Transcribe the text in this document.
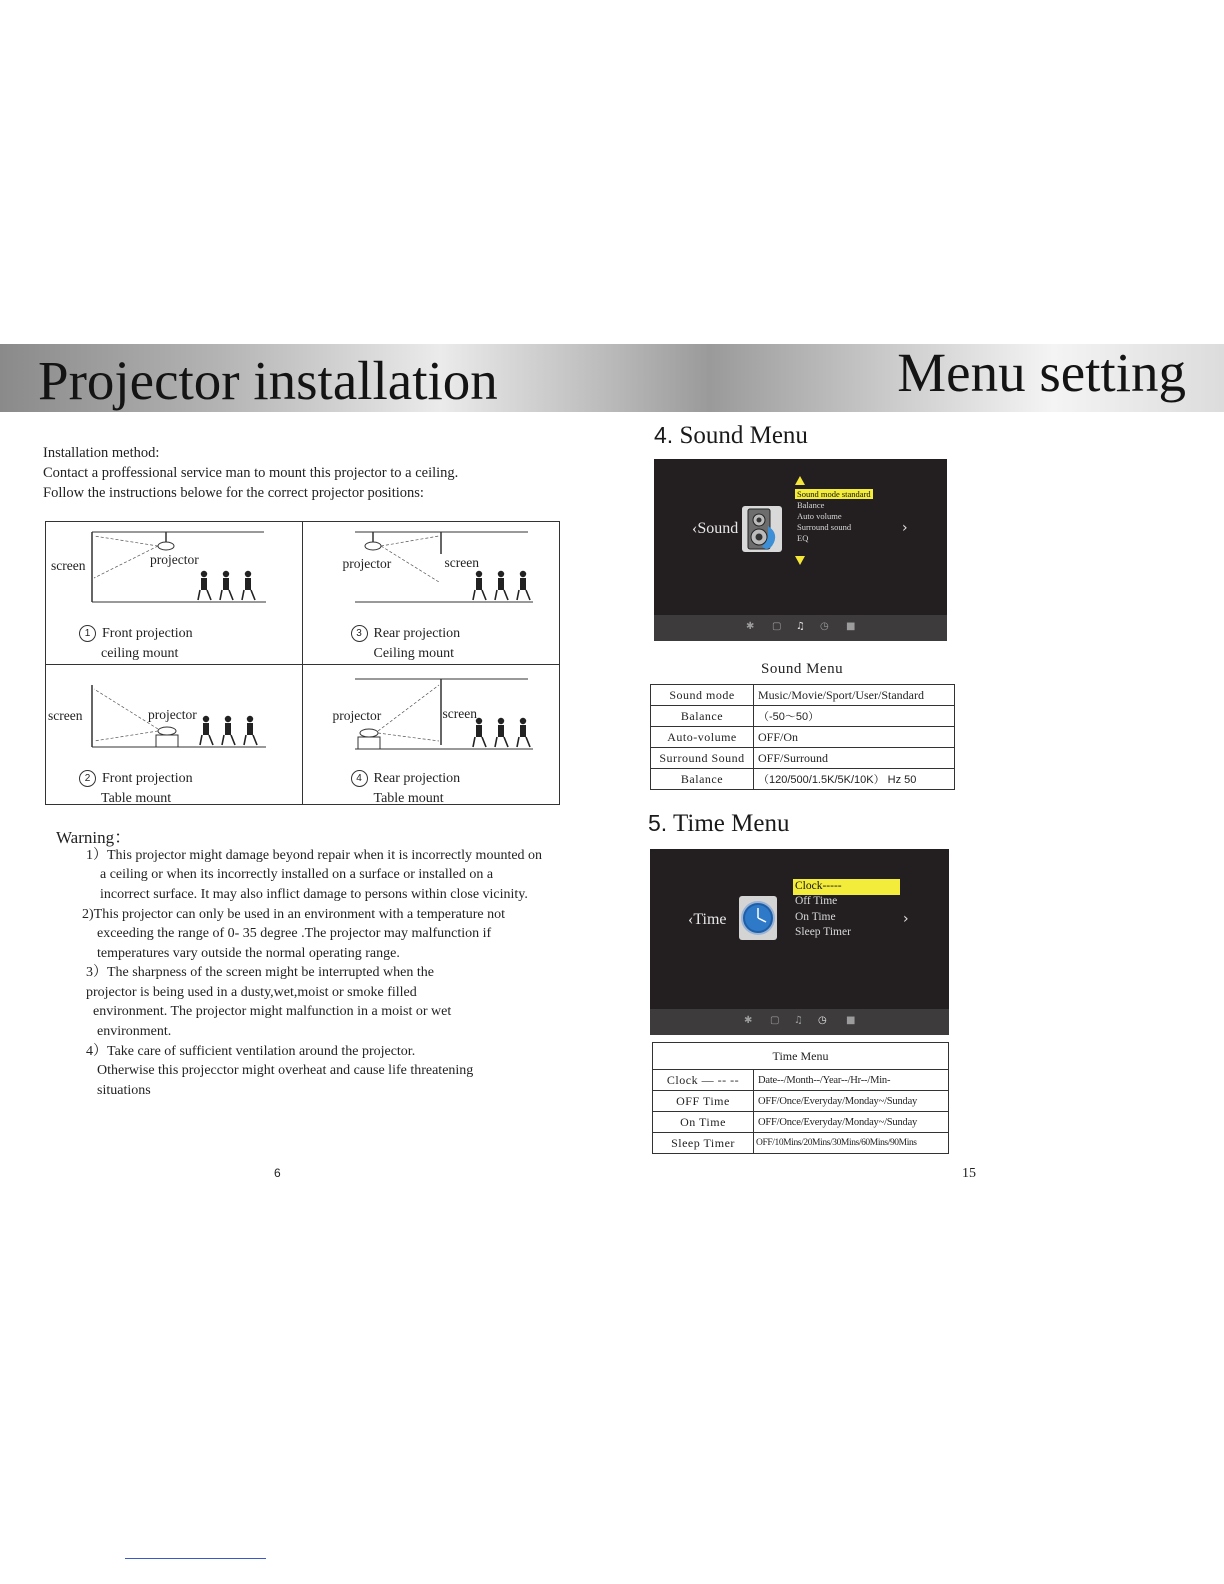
Projector installation	Menu setting
Installation method:
Contact a proffessional service man to mount this projector to a ceiling.
Follow the instructions belowe for the correct projector positions:
screen	projector
1 Front projection
ceiling mount
projector	screen
3 Rear projection
Ceiling mount
screen	projector
2 Front projection
Table mount
projector	screen
4 Rear projection
Table mount
Warning：
1）This projector might damage beyond repair when it is incorrectly mounted on
a ceiling or when its incorrectly installed on a surface or installed on a
incorrect surface. It may also inflict damage to persons within close vicinity.
2)This projector can only be used in an environment with a temperature not
exceeding the range of 0- 35 degree .The projector may malfunction if
temperatures vary outside the normal operating range.
3）The sharpness of the screen might be interrupted when the
projector is being used in a dusty,wet,moist or smoke filled
environment. The projector might malfunction in a moist or wet
environment.
4）Take care of sufficient ventilation around the projector.
Otherwise this projecctor might overheat and cause life threatening
situations
6
4. Sound Menu
‹Sound
Sound mode standard
Balance
Auto volume
Surround sound
EQ
›
✱ ▢ ♫ ◷ ■
Sound Menu
Sound mode	Music/Movie/Sport/User/Standard
Balance	（-50～50）
Auto-volume	OFF/On
Surround Sound	OFF/Surround
Balance	（120/500/1.5K/5K/10K） Hz 50
5. Time Menu
‹Time
Clock-----
Off Time
On Time
Sleep Timer
›
✱ ▢ ♫ ◷ ■
Time Menu	
Clock — -- --	Date--/Month--/Year--/Hr--/Min-
OFF Time	OFF/Once/Everyday/Monday~/Sunday
On Time	OFF/Once/Everyday/Monday~/Sunday
Sleep Timer	OFF/10Mins/20Mins/30Mins/60Mins/90Mins
15
